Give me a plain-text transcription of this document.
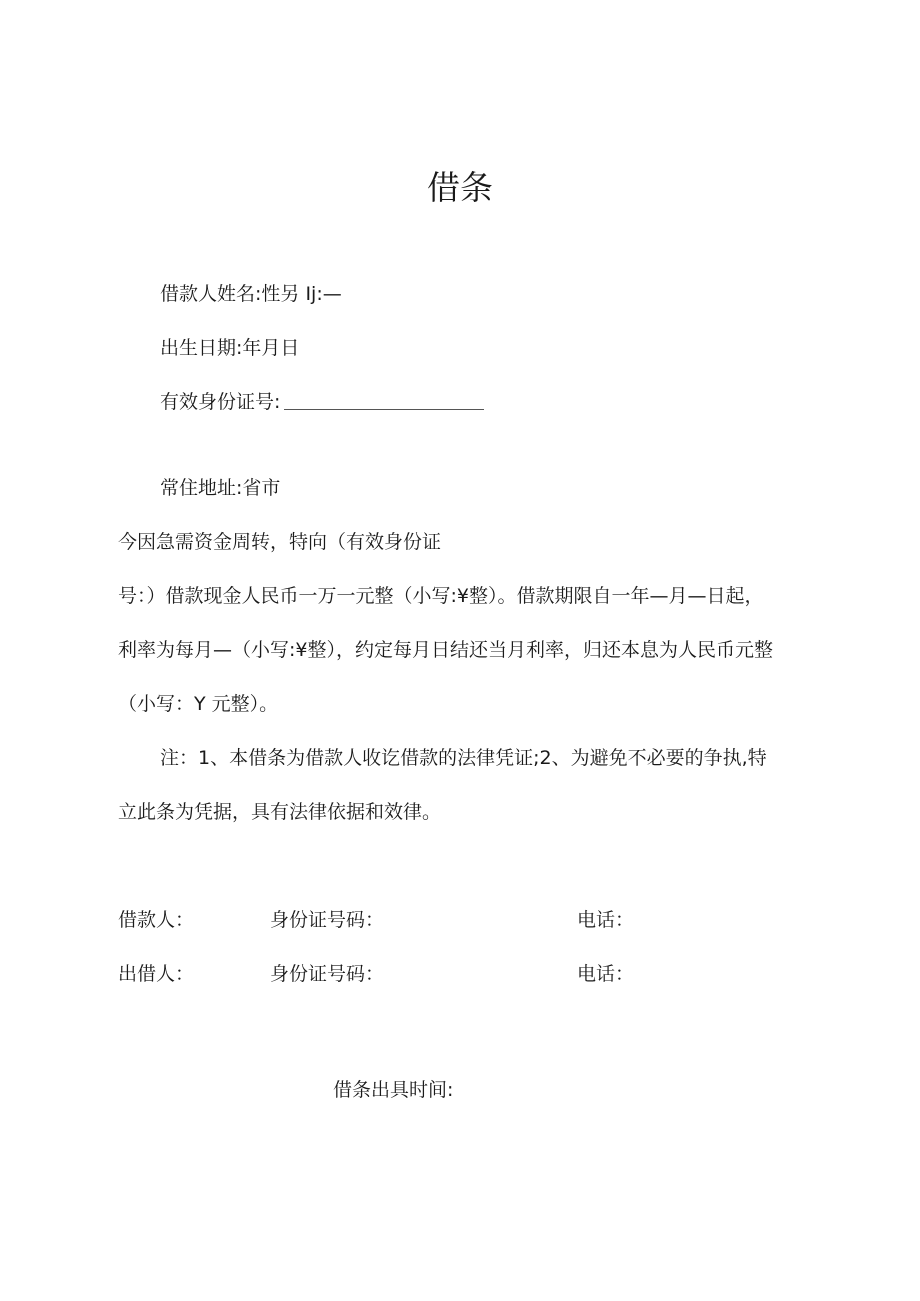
借条
借款人姓名:性另 Ij:—
出生日期:年月日
有效身份证号:
常住地址:省市
今因急需资金周转，特向（有效身份证
号：）借款现金人民币一万一元整（小写:¥整）。借款期限自一年—月—日起，
利率为每月—（小写:¥整），约定每月日结还当月利率，归还本息为人民币元整
（小写：Y 元整）。
注：1、本借条为借款人收讫借款的法律凭证;2、为避免不必要的争执,特
立此条为凭据，具有法律依据和效律。
借款人：	身份证号码：	电话：
出借人：	身份证号码：	电话：
借条出具时间:
